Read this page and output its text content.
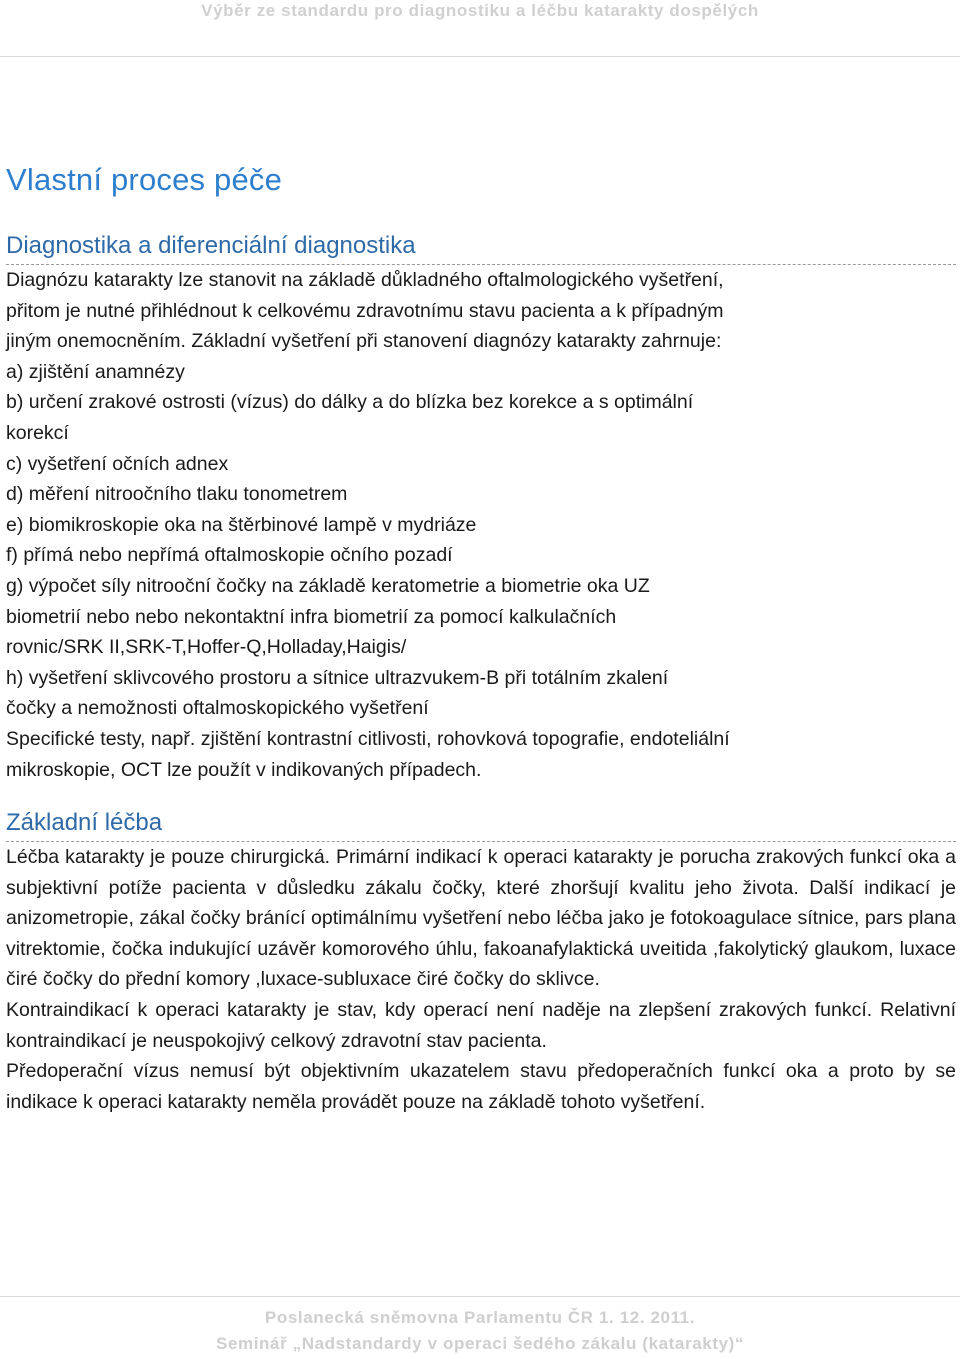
Výběr ze standardu pro diagnostiku a léčbu katarakty dospělých
Vlastní proces péče
Diagnostika a diferenciální diagnostika
Diagnózu katarakty lze stanovit na základě důkladného oftalmologického vyšetření,
přitom je nutné přihlédnout k celkovému zdravotnímu stavu pacienta a k případným
jiným onemocněním. Základní vyšetření při stanovení diagnózy katarakty zahrnuje:
a) zjištění anamnézy
b) určení zrakové ostrosti (vízus) do dálky a do blízka bez korekce a s optimální
korekcí
c) vyšetření očních adnex
d) měření nitroočního tlaku tonometrem
e) biomikroskopie oka na štěrbinové lampě v mydriáze
f) přímá nebo nepřímá oftalmoskopie očního pozadí
g) výpočet síly nitrooční čočky na základě keratometrie a biometrie oka UZ
biometrií nebo nebo nekontaktní infra biometrií za pomocí kalkulačních
rovnic/SRK II,SRK-T,Hoffer-Q,Holladay,Haigis/
h) vyšetření sklivcového prostoru a sítnice ultrazvukem-B při totálním zkalení
čočky a nemožnosti oftalmoskopického vyšetření
Specifické testy, např. zjištění kontrastní citlivosti, rohovková topografie, endoteliální
mikroskopie, OCT lze použít v indikovaných případech.
Základní léčba

Léčba katarakty je pouze chirurgická. Primární indikací k operaci katarakty je porucha zrakových funkcí oka a subjektivní potíže pacienta v důsledku zákalu čočky, které zhoršují kvalitu jeho života. Další indikací je anizometropie, zákal čočky bránící optimálnímu vyšetření nebo léčba jako je fotokoagulace sítnice, pars plana vitrektomie, čočka indukující uzávěr komorového úhlu, fakoanafylaktická uveitida ,fakolytický glaukom, luxace čiré čočky do přední komory ,luxace-subluxace čiré čočky do sklivce.

Kontraindikací k operaci katarakty je stav, kdy operací není naděje na zlepšení zrakových funkcí. Relativní kontraindikací je neuspokojivý celkový zdravotní stav pacienta.

Předoperační vízus nemusí být objektivním ukazatelem stavu předoperačních funkcí oka a proto by se indikace k operaci katarakty neměla provádět pouze na základě tohoto vyšetření.

Poslanecká sněmovna Parlamentu ČR 1. 12. 2011.
Seminář „Nadstandardy v operaci šedého zákalu (katarakty)“
